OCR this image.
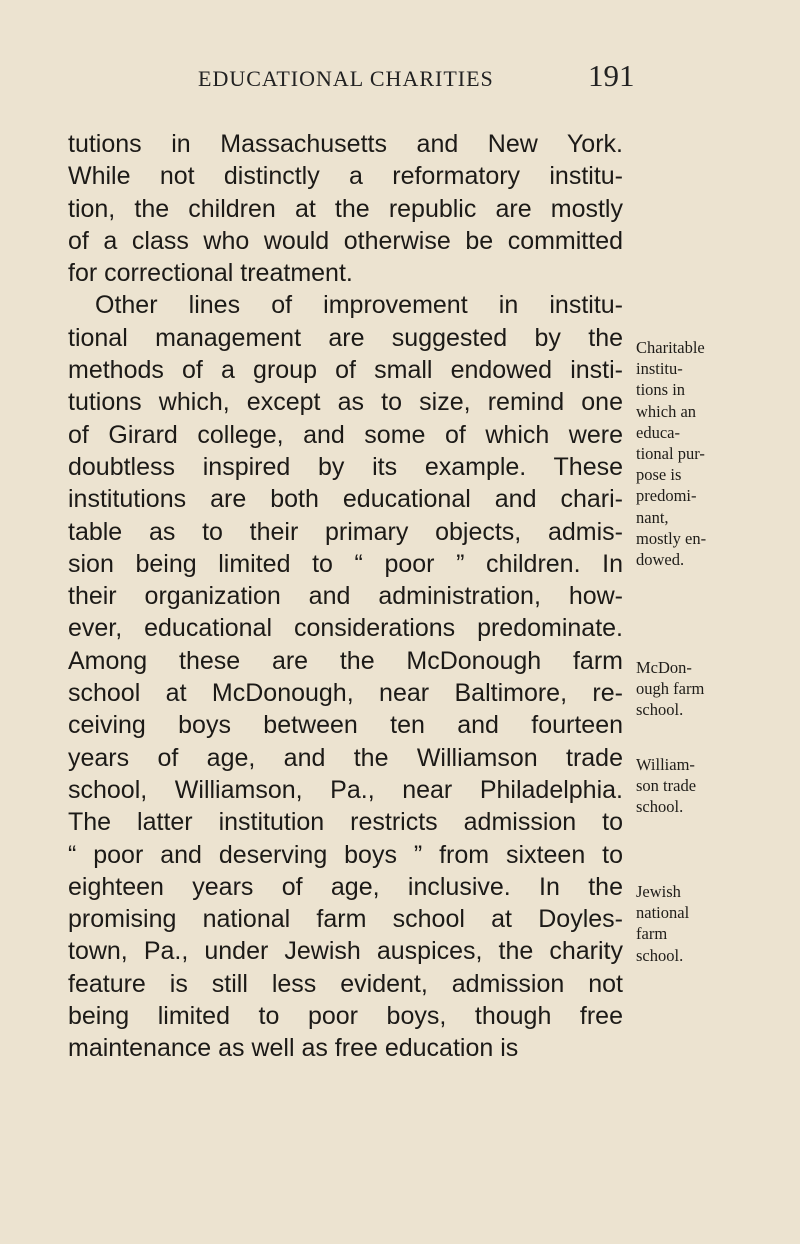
EDUCATIONAL CHARITIES	191
tutions in Massachusetts and New York.
While not distinctly a reformatory institu-
tion, the children at the republic are mostly
of a class who would otherwise be committed
for correctional treatment.
Other lines of improvement in institu-
tional management are suggested by the
methods of a group of small endowed insti-
tutions which, except as to size, remind one
of Girard college, and some of which were
doubtless inspired by its example. These
institutions are both educational and chari-
table as to their primary objects, admis-
sion being limited to “ poor ” children. In
their organization and administration, how-
ever, educational considerations predominate.
Among these are the McDonough farm
school at McDonough, near Baltimore, re-
ceiving boys between ten and fourteen
years of age, and the Williamson trade
school, Williamson, Pa., near Philadelphia.
The latter institution restricts admission to
“ poor and deserving boys ” from sixteen to
eighteen years of age, inclusive. In the
promising national farm school at Doyles-
town, Pa., under Jewish auspices, the charity
feature is still less evident, admission not
being limited to poor boys, though free
maintenance as well as free education is
Charitable
institu-
tions in
which an
educa-
tional pur-
pose is
predomi-
nant,
mostly en-
dowed.
McDon-
ough farm
school.
William-
son trade
school.
Jewish
national
farm
school.
